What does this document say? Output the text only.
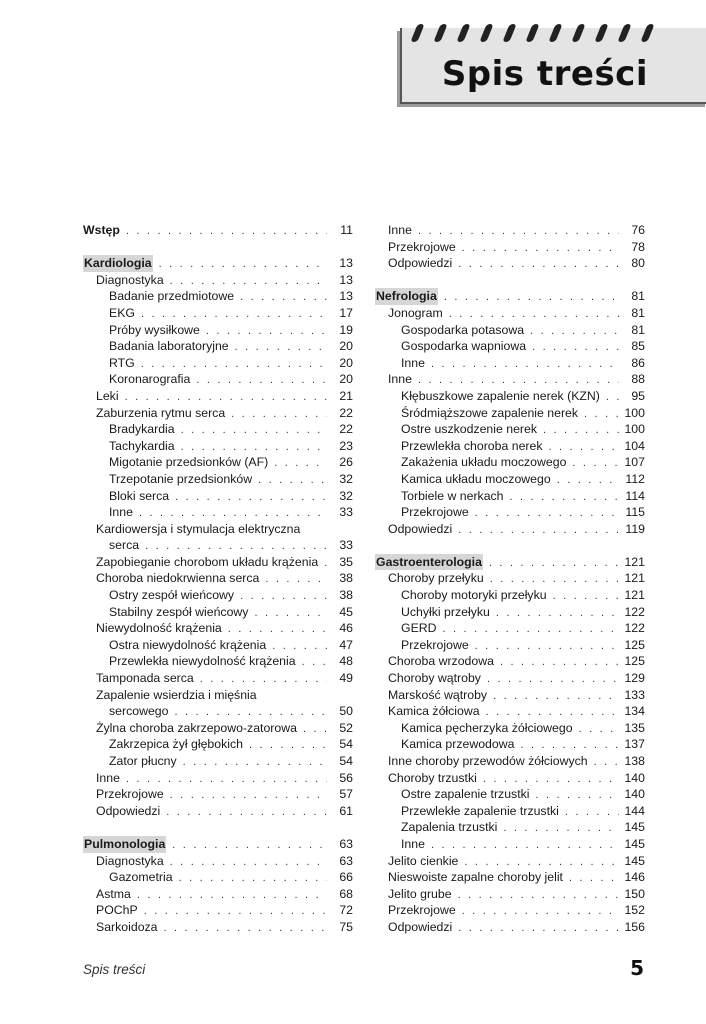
Spis treści
Wstęp . . .	11
Kardiologia . . .	13
Diagnostyka . . .	13
Badanie przedmiotowe . . .	13
EKG . . .	17
Próby wysiłkowe . . .	19
Badania laboratoryjne . . .	20
RTG . . .	20
Koronarografia . . .	20
Leki . . .	21
Zaburzenia rytmu serca . . .	22
Bradykardia . . .	22
Tachykardia . . .	23
Migotanie przedsionków (AF) . . .	26
Trzepotanie przedsionków . . .	32
Bloki serca . . .	32
Inne . . .	33
Kardiowersja i stymulacja elektryczna
serca . . .	33
Zapobieganie chorobom układu krążenia . . .	35
Choroba niedokrwienna serca . . .	38
Ostry zespół wieńcowy . . .	38
Stabilny zespół wieńcowy . . .	45
Niewydolność krążenia . . .	46
Ostra niewydolność krążenia . . .	47
Przewlekła niewydolność krążenia . . .	48
Tamponada serca . . .	49
Zapalenie wsierdzia i mięśnia
sercowego . . .	50
Żylna choroba zakrzepowo-zatorowa . . .	52
Zakrzepica żył głębokich . . .	54
Zator płucny . . .	54
Inne . . .	56
Przekrojowe . . .	57
Odpowiedzi . . .	61
Pulmonologia . . .	63
Diagnostyka . . .	63
Gazometria . . .	66
Astma . . .	68
POChP . . .	72
Sarkoidoza . . .	75
Inne . . .	76
Przekrojowe . . .	78
Odpowiedzi . . .	80
Nefrologia . . .	81
Jonogram . . .	81
Gospodarka potasowa . . .	81
Gospodarka wapniowa . . .	85
Inne . . .	86
Inne . . .	88
Kłębuszkowe zapalenie nerek (KZN) . . .	95
Śródmiąższowe zapalenie nerek . . .	100
Ostre uszkodzenie nerek . . .	100
Przewlekła choroba nerek . . .	104
Zakażenia układu moczowego . . .	107
Kamica układu moczowego . . .	112
Torbiele w nerkach . . .	114
Przekrojowe . . .	115
Odpowiedzi . . .	119
Gastroenterologia . . .	121
Choroby przełyku . . .	121
Choroby motoryki przełyku . . .	121
Uchyłki przełyku . . .	122
GERD . . .	122
Przekrojowe . . .	125
Choroba wrzodowa . . .	125
Choroby wątroby . . .	129
Marskość wątroby . . .	133
Kamica żółciowa . . .	134
Kamica pęcherzyka żółciowego . . .	135
Kamica przewodowa . . .	137
Inne choroby przewodów żółciowych . . .	138
Choroby trzustki . . .	140
Ostre zapalenie trzustki . . .	140
Przewlekłe zapalenie trzustki . . .	144
Zapalenia trzustki . . .	145
Inne . . .	145
Jelito cienkie . . .	145
Nieswoiste zapalne choroby jelit . . .	146
Jelito grube . . .	150
Przekrojowe . . .	152
Odpowiedzi . . .	156
Spis treści	5
